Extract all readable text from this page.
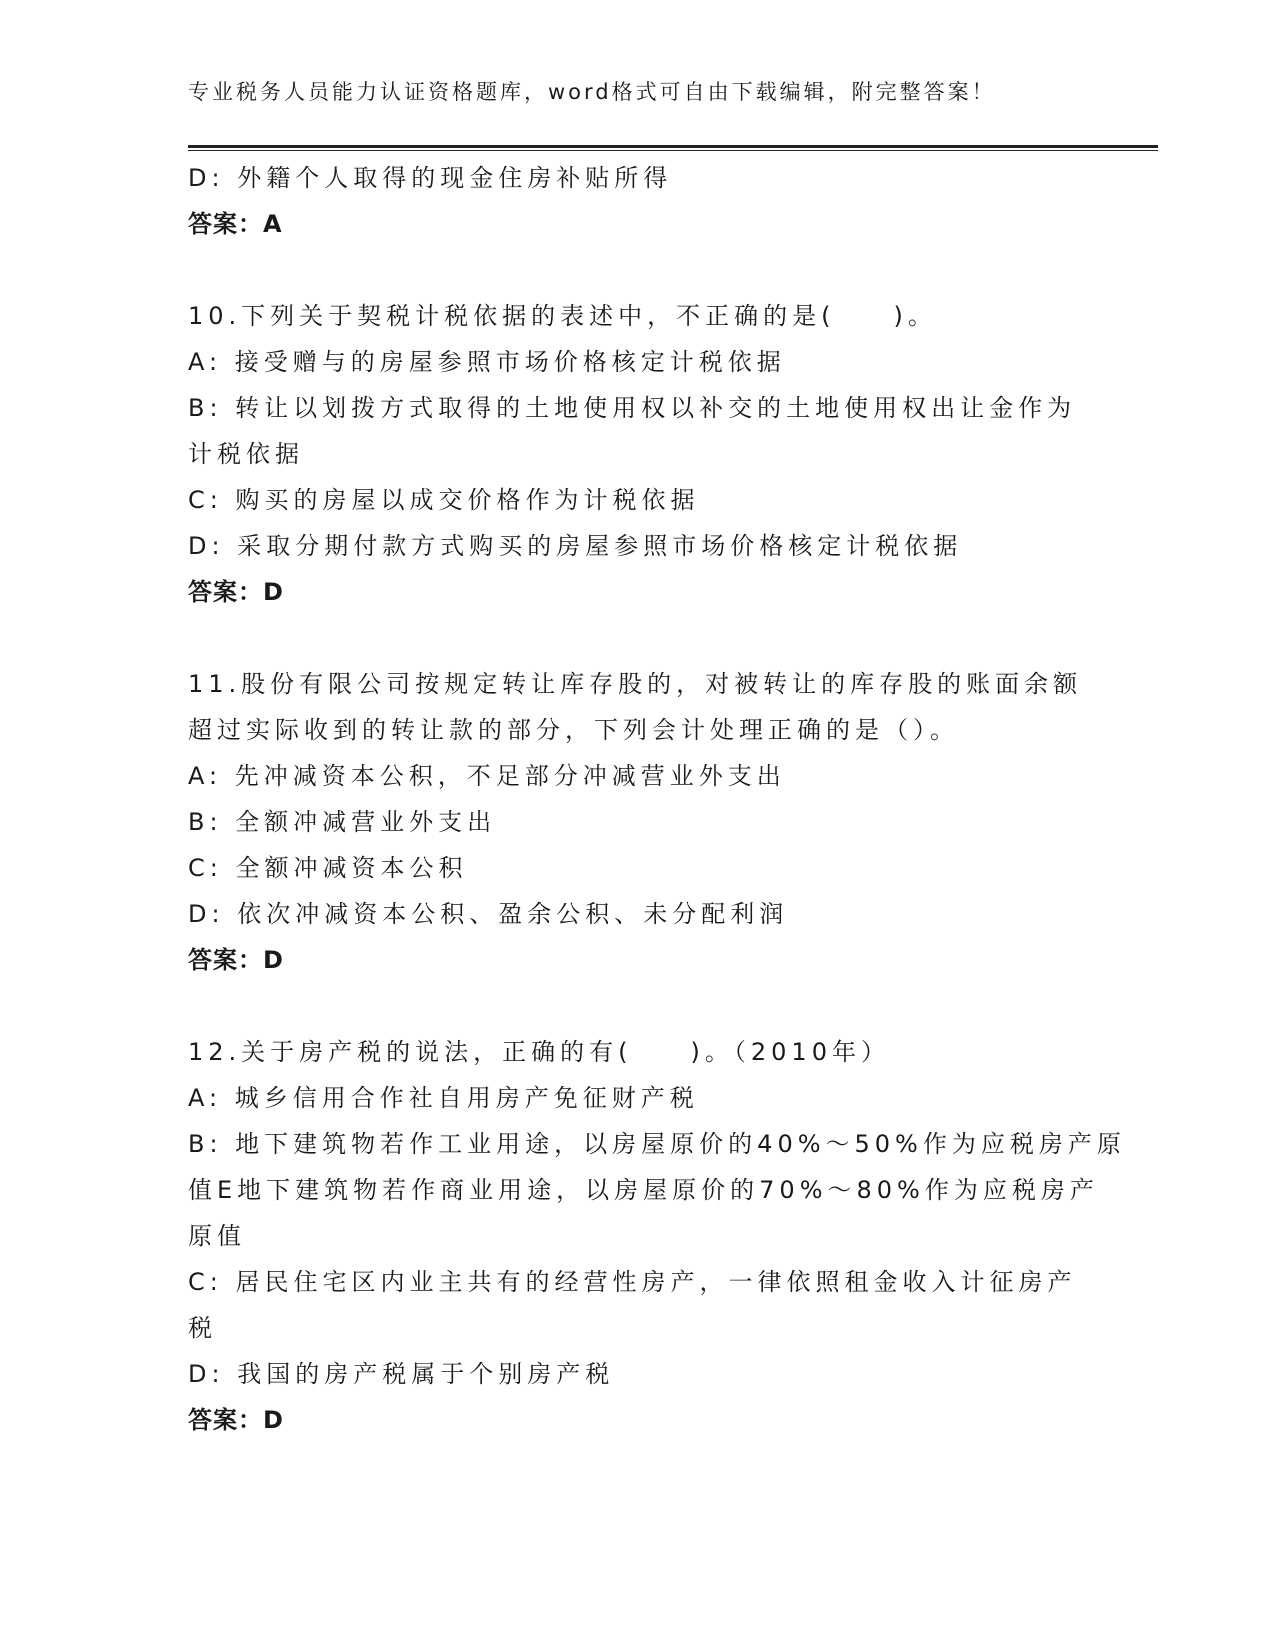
专业税务人员能力认证资格题库，word格式可自由下载编辑，附完整答案！
D: 外籍个人取得的现金住房补贴所得
答案：A
10.下列关于契税计税依据的表述中，不正确的是(　　)。
A: 接受赠与的房屋参照市场价格核定计税依据
B: 转让以划拨方式取得的土地使用权以补交的土地使用权出让金作为
计税依据
C: 购买的房屋以成交价格作为计税依据
D: 采取分期付款方式购买的房屋参照市场价格核定计税依据
答案：D
11.股份有限公司按规定转让库存股的，对被转让的库存股的账面余额
超过实际收到的转让款的部分，下列会计处理正确的是（）。
A: 先冲减资本公积，不足部分冲减营业外支出
B: 全额冲减营业外支出
C: 全额冲减资本公积
D: 依次冲减资本公积、盈余公积、未分配利润
答案：D
12.关于房产税的说法，正确的有(　　)。（2010年）
A: 城乡信用合作社自用房产免征财产税
B: 地下建筑物若作工业用途，以房屋原价的40%～50%作为应税房产原
值E地下建筑物若作商业用途，以房屋原价的70%～80%作为应税房产
原值
C: 居民住宅区内业主共有的经营性房产，一律依照租金收入计征房产
税
D: 我国的房产税属于个别房产税
答案：D
